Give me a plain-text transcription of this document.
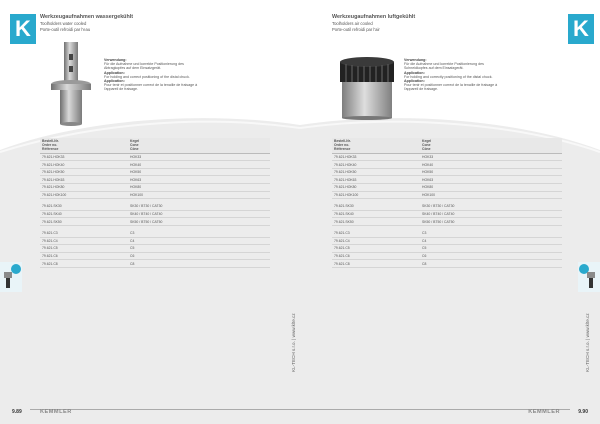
K	Werkzeugaufnahmen wassergekühlt
Toolholders water cooled
Porte-outil refroidi par l'eau
Verwendung:
Für die Aufnahme und korrekte Positionierung des Abtragkopfes auf dem Einsatzgerät.
Application:
For holding and correct positioning of the distal chuck.
Application:
Pour tenir et positionner correct de la tenaille de fraisage à l'appareil de fraisage.
Bestell-Nr.
Order no.
Référence
Kegel
Cone
Cône
79.621.HOK33	HOK33
79.621.HOK40	HOK40
79.621.HOK50	HOK50
79.621.HOK63	HOK63
79.621.HOK80	HOK80
79.621.HOK100	HOK100
79.621.SK30	SK30 / BT30 / CAT30
79.621.SK40	SK40 / BT40 / CAT40
79.621.SK50	SK50 / BT50 / CAT50
79.621.C3	C3
79.621.C4	C4
79.621.C5	C5
79.621.C6	C6
79.621.C8	C8
9.89	KEMMLER
K
Werkzeugaufnahmen luftgekühlt
Toolholders air cooled
Porte-outil refroidi par l'air
Verwendung:
Für die Aufnahme und korrekte Positionierung des Schneidkopfes auf dem Einsatzgerät.
Application:
For holding and correctly positioning of the distal chuck.
Application:
Pour tenir et positionner correct de la tenaille de fraisage à l'appareil de fraisage.
Bestell-Nr.
Order no.
Référence
Kegel
Cone
Cône
79.621.HOK33	HOK33
79.621.HOK40	HOK40
79.621.HOK50	HOK50
79.621.HOK63	HOK63
79.621.HOK80	HOK80
79.621.HOK100	HOK100
79.621.SK30	SK30 / BT30 / CAT30
79.621.SK40	SK40 / BT40 / CAT40
79.621.SK50	SK50 / BT50 / CAT50
79.621.C3	C3
79.621.C4	C4
79.621.C5	C5
79.621.C6	C6
79.621.C8	C8
KEMMLER	9.90
KL-TECH s.r.o. | www.klte.cz	KL-TECH s.r.o. | www.klte.cz
